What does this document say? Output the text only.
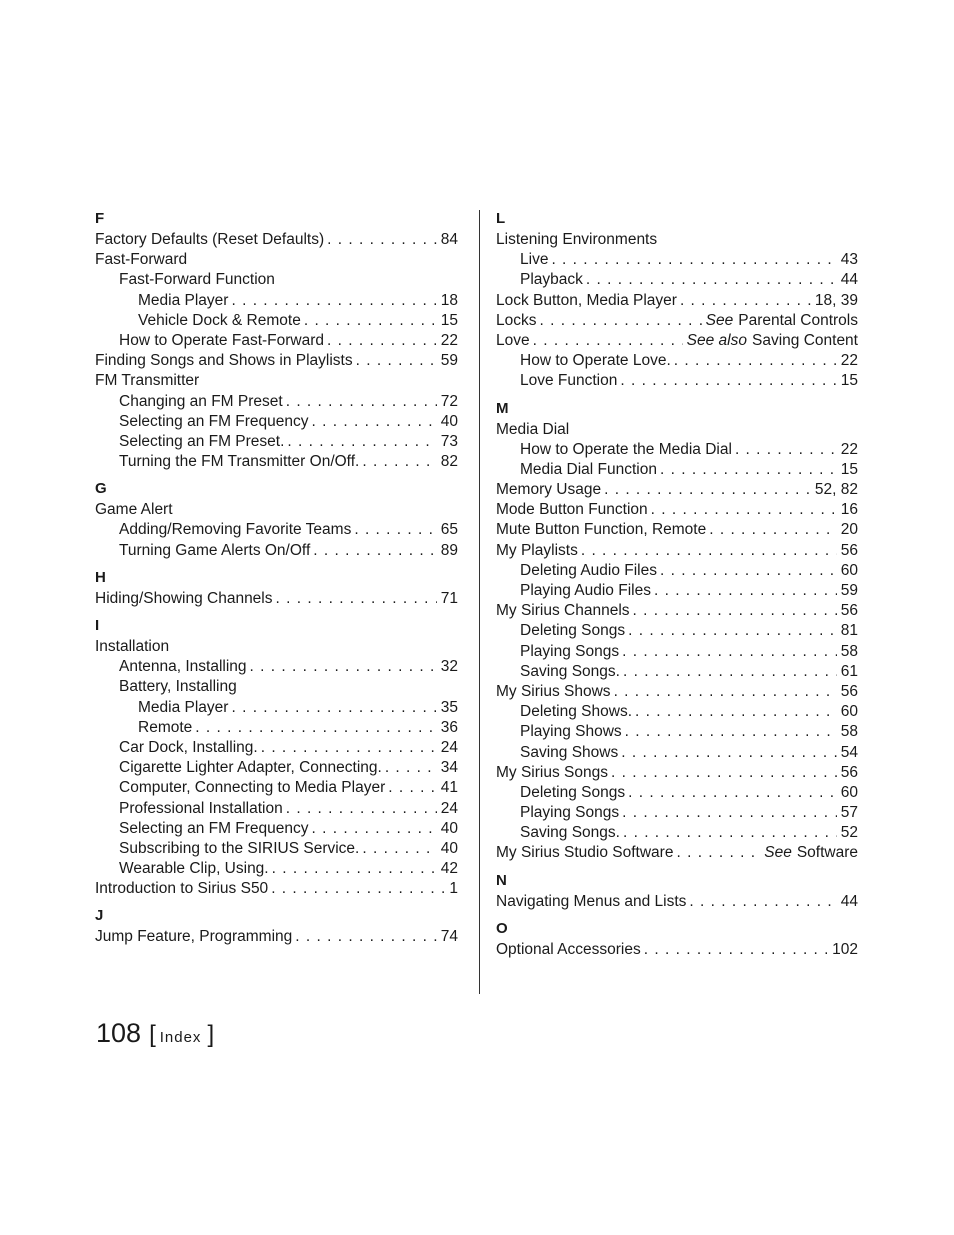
F
Factory Defaults (Reset Defaults) . . .	84
Fast-Forward
Fast-Forward Function
Media Player . . .	18
Vehicle Dock & Remote . . .	15
How to Operate Fast-Forward . . .	22
Finding Songs and Shows in Playlists . . .	59
FM Transmitter
Changing an FM Preset . . .	72
Selecting an FM Frequency . . .	40
Selecting an FM Preset. . . .	73
Turning the FM Transmitter On/Off. . . .	82
G
Game Alert
Adding/Removing Favorite Teams . . .	65
Turning Game Alerts On/Off . . .	89
H
Hiding/Showing Channels . . .	71
I
Installation
Antenna, Installing . . .	32
Battery, Installing
Media Player . . .	35
Remote . . .	36
Car Dock, Installing. . . .	24
Cigarette Lighter Adapter, Connecting. . . .	34
Computer, Connecting to Media Player . . .	41
Professional Installation . . .	24
Selecting an FM Frequency . . .	40
Subscribing to the SIRIUS Service. . . .	40
Wearable Clip, Using. . . .	42
Introduction to Sirius S50 . . .	1
J
Jump Feature, Programming . . .	74
L
Listening Environments
Live . . .	43
Playback . . .	44
Lock Button, Media Player . . .	18, 39
Locks . . .	See Parental Controls
Love . . .	See also Saving Content
How to Operate Love. . . .	22
Love Function . . .	15
M
Media Dial
How to Operate the Media Dial . . .	22
Media Dial Function . . .	15
Memory Usage . . .	52, 82
Mode Button Function . . .	16
Mute Button Function, Remote . . .	20
My Playlists . . .	56
Deleting Audio Files . . .	60
Playing Audio Files . . .	59
My Sirius Channels . . .	56
Deleting Songs . . .	81
Playing Songs . . .	58
Saving Songs. . . .	61
My Sirius Shows . . .	56
Deleting Shows. . . .	60
Playing Shows . . .	58
Saving Shows . . .	54
My Sirius Songs . . .	56
Deleting Songs . . .	60
Playing Songs . . .	57
Saving Songs. . . .	52
My Sirius Studio Software . . .	See Software
N
Navigating Menus and Lists . . .	44
O
Optional Accessories . . .	102
108 [ Index ]
